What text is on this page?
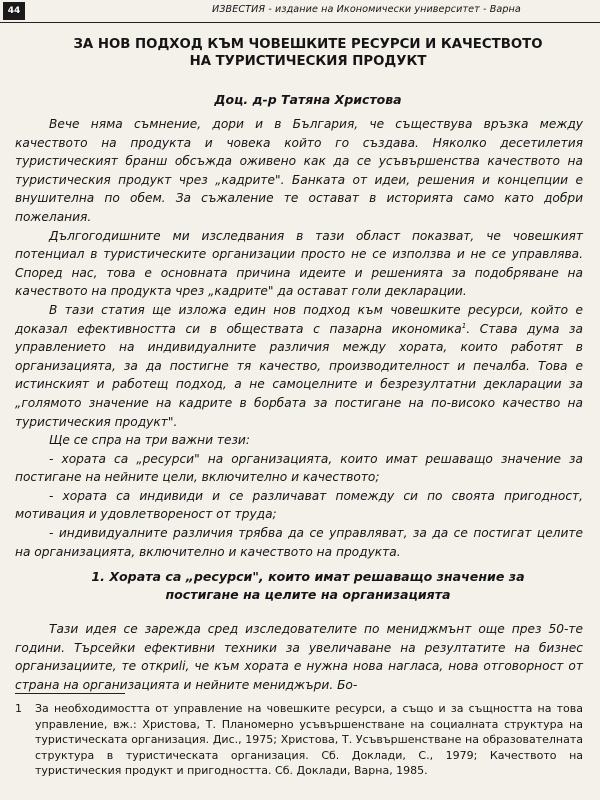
44	ИЗВЕСТИЯ - издание на Икономически университет - Варна
ЗА НОВ ПОДХОД КЪМ ЧОВЕШКИТЕ РЕСУРСИ И КАЧЕСТВОТО
НА ТУРИСТИЧЕСКИЯ ПРОДУКТ

Доц. д-р Татяна Христова

Вече няма съмнение, дори и в България, че съществува връзка между качеството на продукта и човека който го създава. Няколко десетилетия туристическият бранш обсъжда оживено как да се усъвършенства качеството на туристическия продукт чрез „кадрите". Банката от идеи, решения и концепции е внушителна по обем. За съжаление те остават в историята само като добри пожелания.

Дългогодишните ми изследвания в тази област показват, че човешкият потенциал в туристическите организации просто не се използва и не се управлява. Според нас, това е основната причина идеите и решенията за подобряване на качеството на продукта чрез „кадрите" да остават голи декларации.

В тази статия ще изложа един нов подход към човешките ресурси, който е доказал ефективността си в обществата с пазарна икономика$^1$. Става дума за управлението на индивидуалните различия между хората, които работят в организацията, за да постигне тя качество, производителност и печалба. Това е истинският и работещ подход, а не самоцелните и безрезултатни декларации за „голямото значение на кадрите в борбата за постигане на по-високо качество на туристическия продукт".

Ще се спра на три важни тези:

- хората са „ресурси" на организацията, които имат решаващо значение за постигане на нейните цели, включително и качеството;

- хората са индивиди и се различават помежду си по своята пригодност, мотивация и удовлетвореност от труда;

- индивидуалните различия трябва да се управляват, за да се постигат целите на организацията, включително и качеството на продукта.

1. Хората са „ресурси", които имат решаващо значение за
постигане на целите на организацията

Тази идея се зарежда сред изследователите по мениджмънт още през 50-те години. Търсейки ефективни техники за увеличаване на резултатите на бизнес организациите, те откриli, че към хората е нужна нова нагласа, нова отговорност от страна на организацията и нейните мениджъри. Бо-

1 За необходимостта от управление на човешките ресурси, а също и за същността на това управление, вж.: Христова, Т. Планомерно усъвършенстване на социалната структура на туристическата организация. Дис., 1975; Христова, Т. Усъвършенстване на образователната структура в туристическата организация. Сб. Доклади, С., 1979; Качеството на туристическия продукт и пригодността. Сб. Доклади, Варна, 1985.
